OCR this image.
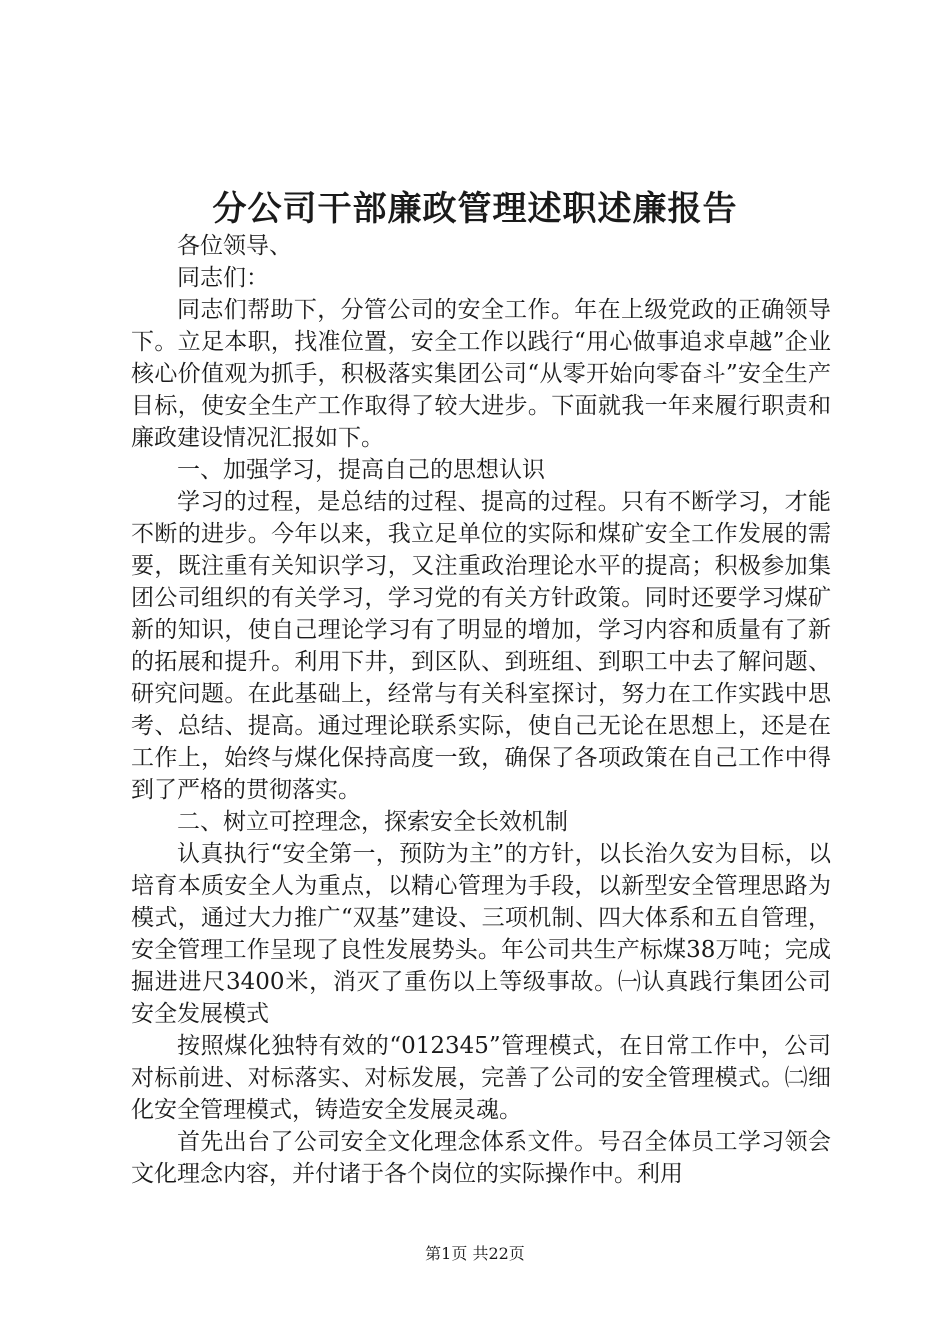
分公司干部廉政管理述职述廉报告

各位领导、

同志们：

同志们帮助下，分管公司的安全工作。年在上级党政的正确领导下。立足本职，找准位置，安全工作以践行“用心做事追求卓越”企业核心价值观为抓手，积极落实集团公司“从零开始向零奋斗”安全生产目标，使安全生产工作取得了较大进步。下面就我一年来履行职责和廉政建设情况汇报如下。

一、加强学习，提高自己的思想认识

学习的过程，是总结的过程、提高的过程。只有不断学习，才能不断的进步。今年以来，我立足单位的实际和煤矿安全工作发展的需要，既注重有关知识学习，又注重政治理论水平的提高；积极参加集团公司组织的有关学习，学习党的有关方针政策。同时还要学习煤矿新的知识，使自己理论学习有了明显的增加，学习内容和质量有了新的拓展和提升。利用下井，到区队、到班组、到职工中去了解问题、研究问题。在此基础上，经常与有关科室探讨，努力在工作实践中思考、总结、提高。通过理论联系实际，使自己无论在思想上，还是在工作上，始终与煤化保持高度一致，确保了各项政策在自己工作中得到了严格的贯彻落实。

二、树立可控理念，探索安全长效机制

认真执行“安全第一，预防为主”的方针，以长治久安为目标，以培育本质安全人为重点，以精心管理为手段，以新型安全管理思路为模式，通过大力推广“双基”建设、三项机制、四大体系和五自管理，安全管理工作呈现了良性发展势头。年公司共生产标煤38万吨；完成掘进进尺3400米，消灭了重伤以上等级事故。㈠认真践行集团公司安全发展模式

按照煤化独特有效的“012345”管理模式，在日常工作中，公司对标前进、对标落实、对标发展，完善了公司的安全管理模式。㈡细化安全管理模式，铸造安全发展灵魂。

首先出台了公司安全文化理念体系文件。号召全体员工学习领会文化理念内容，并付诸于各个岗位的实际操作中。利用

第1页 共22页
